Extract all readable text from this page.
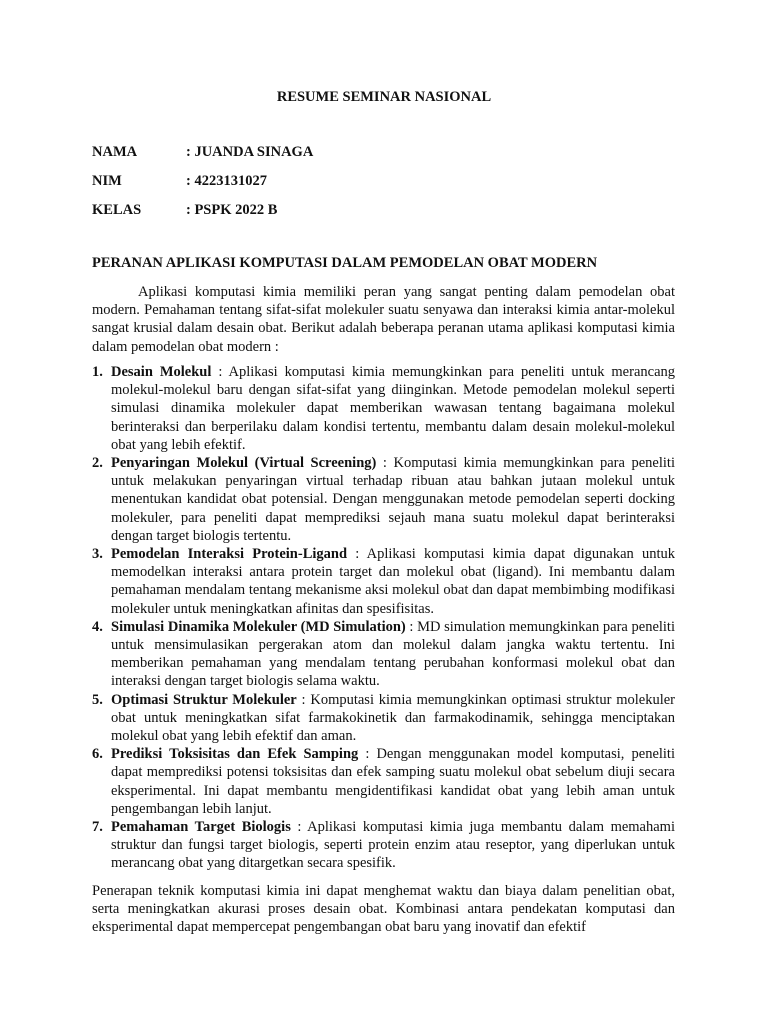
RESUME SEMINAR NASIONAL
NAMA	: JUANDA SINAGA
NIM	: 4223131027
KELAS	: PSPK 2022 B
PERANAN APLIKASI KOMPUTASI DALAM PEMODELAN OBAT MODERN

Aplikasi komputasi kimia memiliki peran yang sangat penting dalam pemodelan obat modern. Pemahaman tentang sifat-sifat molekuler suatu senyawa dan interaksi kimia antar-molekul sangat krusial dalam desain obat. Berikut adalah beberapa peranan utama aplikasi komputasi kimia dalam pemodelan obat modern :

1. Desain Molekul : Aplikasi komputasi kimia memungkinkan para peneliti untuk merancang molekul-molekul baru dengan sifat-sifat yang diinginkan. Metode pemodelan molekul seperti simulasi dinamika molekuler dapat memberikan wawasan tentang bagaimana molekul berinteraksi dan berperilaku dalam kondisi tertentu, membantu dalam desain molekul-molekul obat yang lebih efektif.
2. Penyaringan Molekul (Virtual Screening) : Komputasi kimia memungkinkan para peneliti untuk melakukan penyaringan virtual terhadap ribuan atau bahkan jutaan molekul untuk menentukan kandidat obat potensial. Dengan menggunakan metode pemodelan seperti docking molekuler, para peneliti dapat memprediksi sejauh mana suatu molekul dapat berinteraksi dengan target biologis tertentu.
3. Pemodelan Interaksi Protein-Ligand : Aplikasi komputasi kimia dapat digunakan untuk memodelkan interaksi antara protein target dan molekul obat (ligand). Ini membantu dalam pemahaman mendalam tentang mekanisme aksi molekul obat dan dapat membimbing modifikasi molekuler untuk meningkatkan afinitas dan spesifisitas.
4. Simulasi Dinamika Molekuler (MD Simulation) : MD simulation memungkinkan para peneliti untuk mensimulasikan pergerakan atom dan molekul dalam jangka waktu tertentu. Ini memberikan pemahaman yang mendalam tentang perubahan konformasi molekul obat dan interaksi dengan target biologis selama waktu.
5. Optimasi Struktur Molekuler : Komputasi kimia memungkinkan optimasi struktur molekuler obat untuk meningkatkan sifat farmakokinetik dan farmakodinamik, sehingga menciptakan molekul obat yang lebih efektif dan aman.
6. Prediksi Toksisitas dan Efek Samping : Dengan menggunakan model komputasi, peneliti dapat memprediksi potensi toksisitas dan efek samping suatu molekul obat sebelum diuji secara eksperimental. Ini dapat membantu mengidentifikasi kandidat obat yang lebih aman untuk pengembangan lebih lanjut.
7. Pemahaman Target Biologis : Aplikasi komputasi kimia juga membantu dalam memahami struktur dan fungsi target biologis, seperti protein enzim atau reseptor, yang diperlukan untuk merancang obat yang ditargetkan secara spesifik.

Penerapan teknik komputasi kimia ini dapat menghemat waktu dan biaya dalam penelitian obat, serta meningkatkan akurasi proses desain obat. Kombinasi antara pendekatan komputasi dan eksperimental dapat mempercepat pengembangan obat baru yang inovatif dan efektif
